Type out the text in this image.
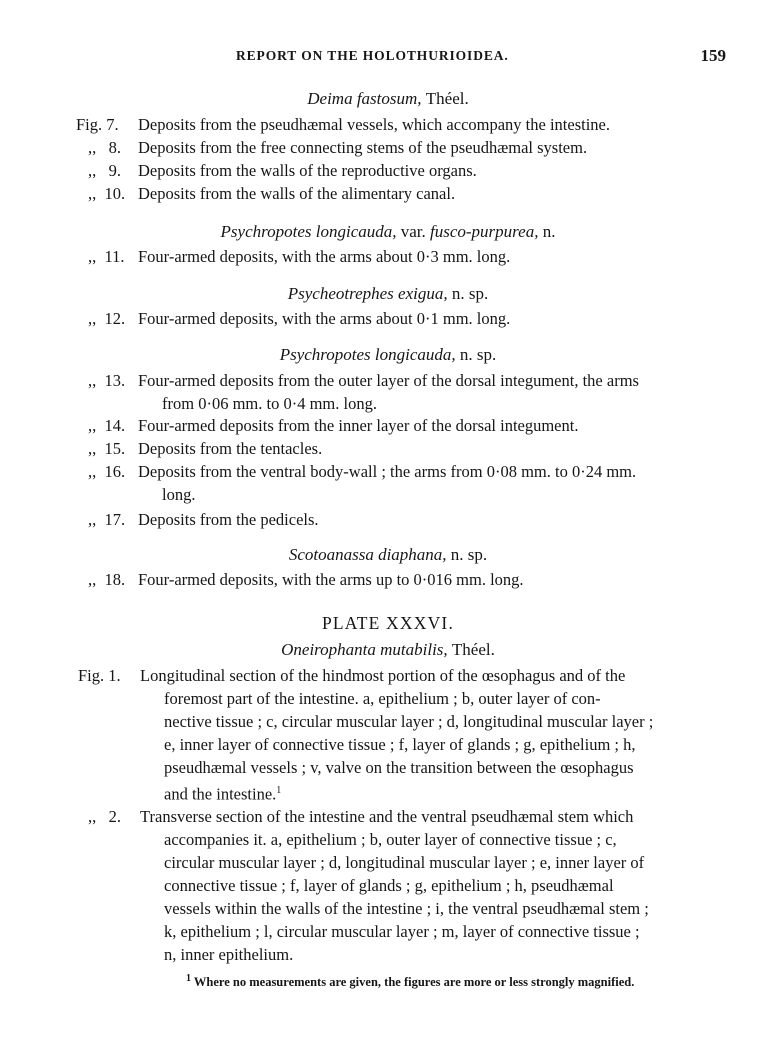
REPORT ON THE HOLOTHURIOIDEA.	159
Deima fastosum, Théel.
Fig. 7. Deposits from the pseudhæmal vessels, which accompany the intestine.
,,   8. Deposits from the free connecting stems of the pseudhæmal system.
,,   9. Deposits from the walls of the reproductive organs.
,,  10. Deposits from the walls of the alimentary canal.
Psychropotes longicauda, var. fusco-purpurea, n.
,,  11. Four-armed deposits, with the arms about 0·3 mm. long.
Psycheotrephes exigua, n. sp.
,,  12. Four-armed deposits, with the arms about 0·1 mm. long.
Psychropotes longicauda, n. sp.
,,  13. Four-armed deposits from the outer layer of the dorsal integument, the arms
from 0·06 mm. to 0·4 mm. long.
,,  14. Four-armed deposits from the inner layer of the dorsal integument.
,,  15. Deposits from the tentacles.
,,  16. Deposits from the ventral body-wall ; the arms from 0·08 mm. to 0·24 mm.
long.
,,  17. Deposits from the pedicels.
Scotoanassa diaphana, n. sp.
,,  18. Four-armed deposits, with the arms up to 0·016 mm. long.
PLATE XXXVI.
Oneirophanta mutabilis, Théel.
Fig. 1. Longitudinal section of the hindmost portion of the œsophagus and of the
foremost part of the intestine. a, epithelium ; b, outer layer of con-
nective tissue ; c, circular muscular layer ; d, longitudinal muscular layer ;
e, inner layer of connective tissue ; f, layer of glands ; g, epithelium ; h,
pseudhæmal vessels ; v, valve on the transition between the œsophagus
and the intestine.$^1$
,,   2. Transverse section of the intestine and the ventral pseudhæmal stem which
accompanies it. a, epithelium ; b, outer layer of connective tissue ; c,
circular muscular layer ; d, longitudinal muscular layer ; e, inner layer of
connective tissue ; f, layer of glands ; g, epithelium ; h, pseudhæmal
vessels within the walls of the intestine ; i, the ventral pseudhæmal stem ;
k, epithelium ; l, circular muscular layer ; m, layer of connective tissue ;
n, inner epithelium.
$^1$ Where no measurements are given, the figures are more or less strongly magnified.
